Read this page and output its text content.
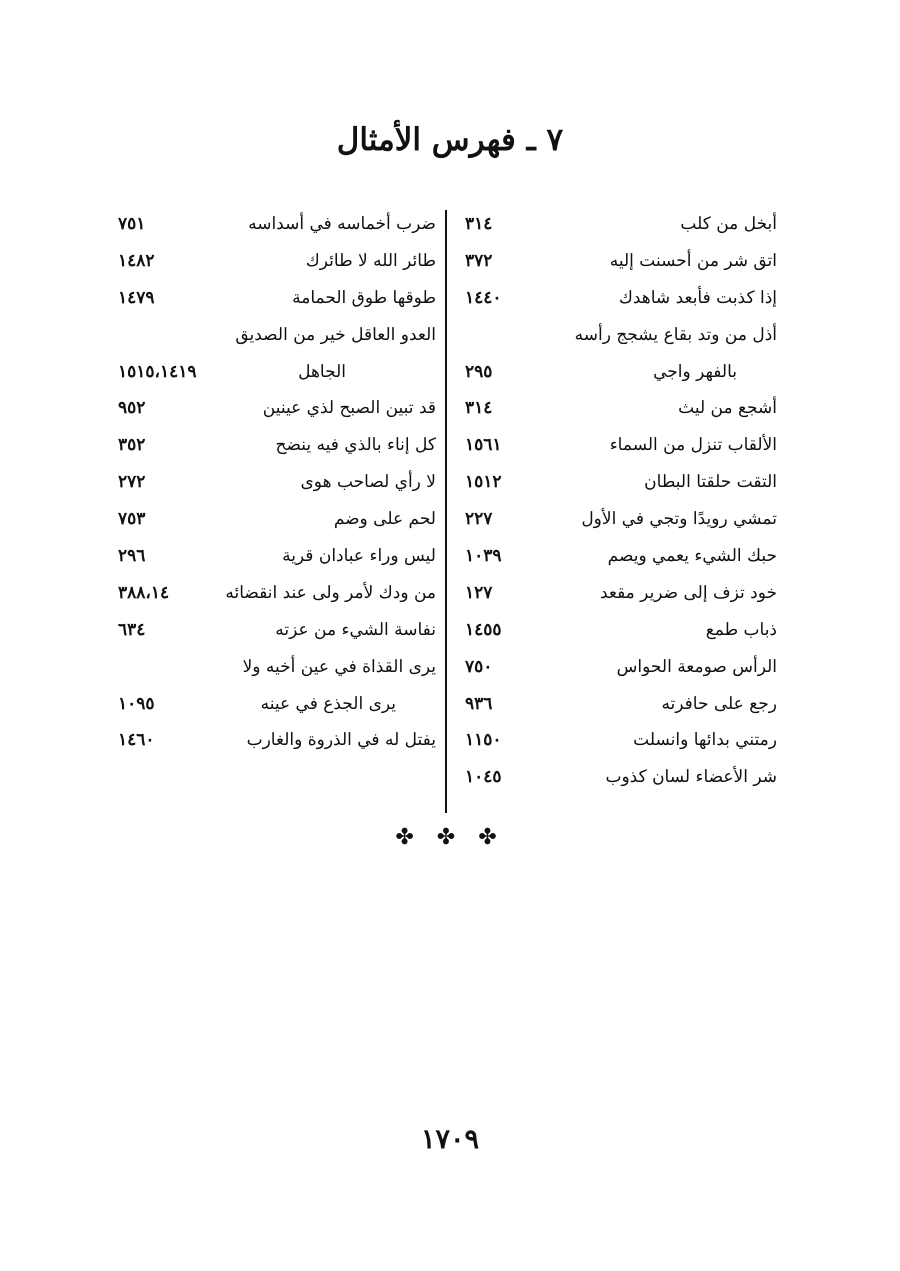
٧ ـ فهرس الأمثال
أبخل من كلب
٣١٤
اتق شر من أحسنت إليه
٣٧٢
إذا كذبت فأبعد شاهدك
١٤٤٠
أذل من وتد بقاع يشجج رأسه
بالفهر واجي
٢٩٥
أشجع من ليث
٣١٤
الألقاب تنزل من السماء
١٥٦١
التقت حلقتا البطان
١٥١٢
تمشي رويدًا وتجي في الأول
٢٢٧
حبك الشيء يعمي ويصم
١٠٣٩
خود تزف إلى ضرير مقعد
١٢٧
ذباب طمع
١٤٥٥
الرأس صومعة الحواس
٧٥٠
رجع على حافرته
٩٣٦
رمتني بدائها وانسلت
١١٥٠
شر الأعضاء لسان كذوب
١٠٤٥
ضرب أخماسه في أسداسه
٧٥١
طائر الله لا طائرك
١٤٨٢
طوقها طوق الحمامة
١٤٧٩
العدو العاقل خير من الصديق
الجاهل
١٥١٥،١٤١٩
قد تبين الصبح لذي عينين
٩٥٢
كل إناء بالذي فيه ينضح
٣٥٢
لا رأي لصاحب هوى
٢٧٢
لحم على وضم
٧٥٣
ليس وراء عبادان قرية
٢٩٦
من ودك لأمر ولى عند انقضائه
٣٨٨،١٤
نفاسة الشيء من عزته
٦٣٤
يرى القذاة في عين أخيه ولا
يرى الجذع في عينه
١٠٩٥
يفتل له في الذروة والغارب
١٤٦٠
✤ ✤ ✤
١٧٠٩
